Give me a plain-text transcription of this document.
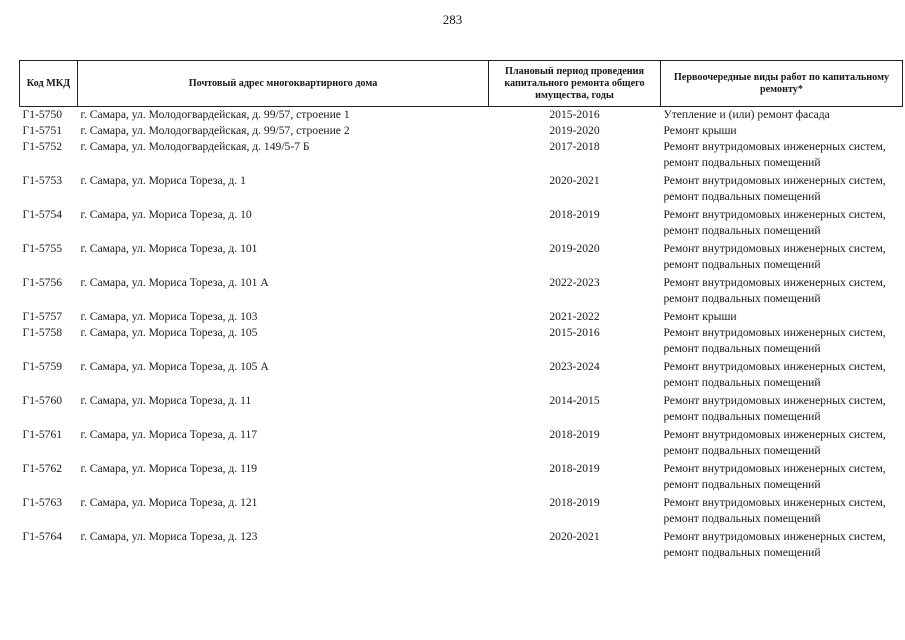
283
Код МКД	Почтовый адрес многоквартирного дома	Плановый период проведения капитального ремонта общего имущества, годы	Первоочередные виды работ по капитальному ремонту*
Г1-5750	г. Самара, ул. Молодогвардейская, д. 99/57, строение 1	2015-2016	Утепление и (или) ремонт фасада

Г1-5751	г. Самара, ул. Молодогвардейская, д. 99/57, строение 2	2019-2020	Ремонт крыши

Г1-5752	г. Самара, ул. Молодогвардейская, д. 149/5-7 Б	2017-2018	Ремонт внутридомовых инженерных систем,
ремонт подвальных помещений

Г1-5753	г. Самара, ул. Мориса Тореза, д. 1	2020-2021	Ремонт внутридомовых инженерных систем,
ремонт подвальных помещений

Г1-5754	г. Самара, ул. Мориса Тореза, д. 10	2018-2019	Ремонт внутридомовых инженерных систем,
ремонт подвальных помещений

Г1-5755	г. Самара, ул. Мориса Тореза, д. 101	2019-2020	Ремонт внутридомовых инженерных систем,
ремонт подвальных помещений

Г1-5756	г. Самара, ул. Мориса Тореза, д. 101 А	2022-2023	Ремонт внутридомовых инженерных систем,
ремонт подвальных помещений

Г1-5757	г. Самара, ул. Мориса Тореза, д. 103	2021-2022	Ремонт крыши

Г1-5758	г. Самара, ул. Мориса Тореза, д. 105	2015-2016	Ремонт внутридомовых инженерных систем,
ремонт подвальных помещений

Г1-5759	г. Самара, ул. Мориса Тореза, д. 105 А	2023-2024	Ремонт внутридомовых инженерных систем,
ремонт подвальных помещений

Г1-5760	г. Самара, ул. Мориса Тореза, д. 11	2014-2015	Ремонт внутридомовых инженерных систем,
ремонт подвальных помещений

Г1-5761	г. Самара, ул. Мориса Тореза, д. 117	2018-2019	Ремонт внутридомовых инженерных систем,
ремонт подвальных помещений

Г1-5762	г. Самара, ул. Мориса Тореза, д. 119	2018-2019	Ремонт внутридомовых инженерных систем,
ремонт подвальных помещений

Г1-5763	г. Самара, ул. Мориса Тореза, д. 121	2018-2019	Ремонт внутридомовых инженерных систем,
ремонт подвальных помещений

Г1-5764	г. Самара, ул. Мориса Тореза, д. 123	2020-2021	Ремонт внутридомовых инженерных систем,
ремонт подвальных помещений
